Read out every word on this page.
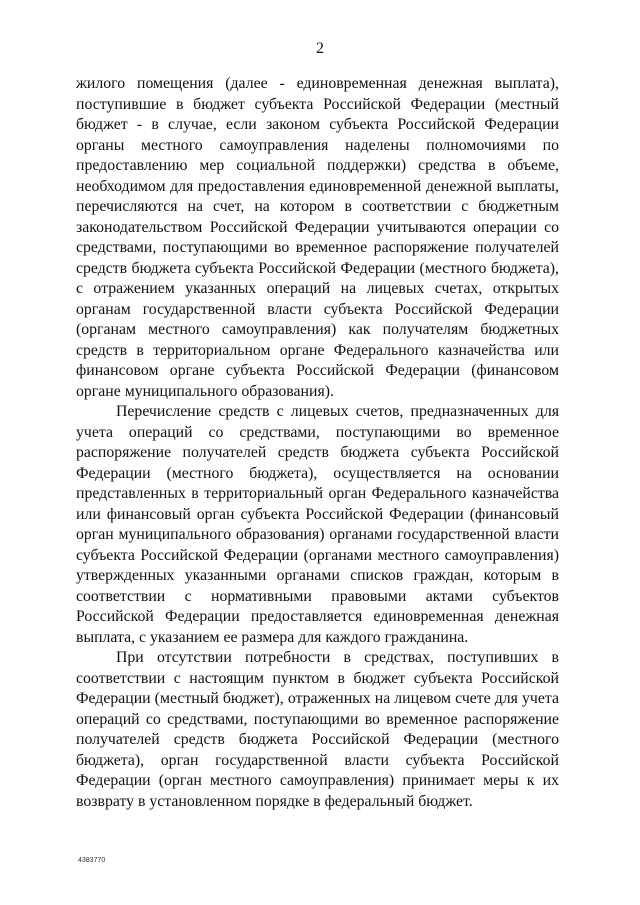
2

жилого помещения (далее - единовременная денежная выплата), поступившие в бюджет субъекта Российской Федерации (местный бюджет - в случае, если законом субъекта Российской Федерации органы местного самоуправления наделены полномочиями по предоставлению мер социальной поддержки) средства в объеме, необходимом для предоставления единовременной денежной выплаты, перечисляются на счет, на котором в соответствии с бюджетным законодательством Российской Федерации учитываются операции со средствами, поступающими во временное распоряжение получателей средств бюджета субъекта Российской Федерации (местного бюджета), с отражением указанных операций на лицевых счетах, открытых органам государственной власти субъекта Российской Федерации (органам местного самоуправления) как получателям бюджетных средств в территориальном органе Федерального казначейства или финансовом органе субъекта Российской Федерации (финансовом органе муниципального образования).

Перечисление средств с лицевых счетов, предназначенных для учета операций со средствами, поступающими во временное распоряжение получателей средств бюджета субъекта Российской Федерации (местного бюджета), осуществляется на основании представленных в территориальный орган Федерального казначейства или финансовый орган субъекта Российской Федерации (финансовый орган муниципального образования) органами государственной власти субъекта Российской Федерации (органами местного самоуправления) утвержденных указанными органами списков граждан, которым в соответствии с нормативными правовыми актами субъектов Российской Федерации предоставляется единовременная денежная выплата, с указанием ее размера для каждого гражданина.

При отсутствии потребности в средствах, поступивших в соответствии с настоящим пунктом в бюджет субъекта Российской Федерации (местный бюджет), отраженных на лицевом счете для учета операций со средствами, поступающими во временное распоряжение получателей средств бюджета Российской Федерации (местного бюджета), орган государственной власти субъекта Российской Федерации (орган местного самоуправления) принимает меры к их возврату в установленном порядке в федеральный бюджет.

4383770
